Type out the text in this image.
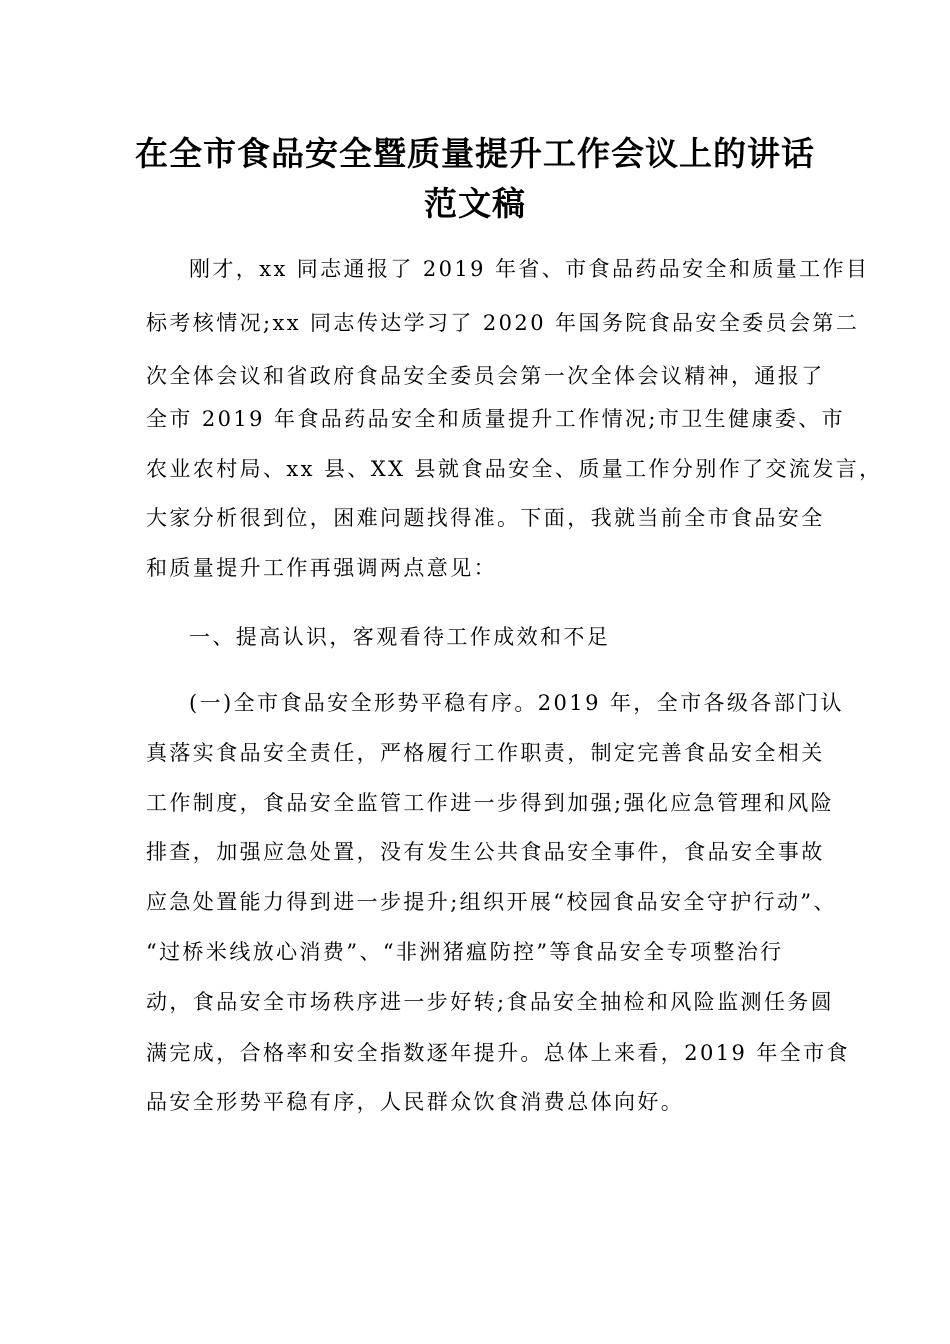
在全市食品安全暨质量提升工作会议上的讲话
范文稿
刚才，xx 同志通报了 2019 年省、市食品药品安全和质量工作目
标考核情况;xx 同志传达学习了 2020 年国务院食品安全委员会第二
次全体会议和省政府食品安全委员会第一次全体会议精神，通报了
全市 2019 年食品药品安全和质量提升工作情况;市卫生健康委、市
农业农村局、xx 县、XX 县就食品安全、质量工作分别作了交流发言，
大家分析很到位，困难问题找得准。下面，我就当前全市食品安全
和质量提升工作再强调两点意见：
一、提高认识，客观看待工作成效和不足
(一)全市食品安全形势平稳有序。2019 年，全市各级各部门认
真落实食品安全责任，严格履行工作职责，制定完善食品安全相关
工作制度，食品安全监管工作进一步得到加强;强化应急管理和风险
排查，加强应急处置，没有发生公共食品安全事件，食品安全事故
应急处置能力得到进一步提升;组织开展“校园食品安全守护行动”、
“过桥米线放心消费”、“非洲猪瘟防控”等食品安全专项整治行
动，食品安全市场秩序进一步好转;食品安全抽检和风险监测任务圆
满完成，合格率和安全指数逐年提升。总体上来看，2019 年全市食
品安全形势平稳有序，人民群众饮食消费总体向好。
